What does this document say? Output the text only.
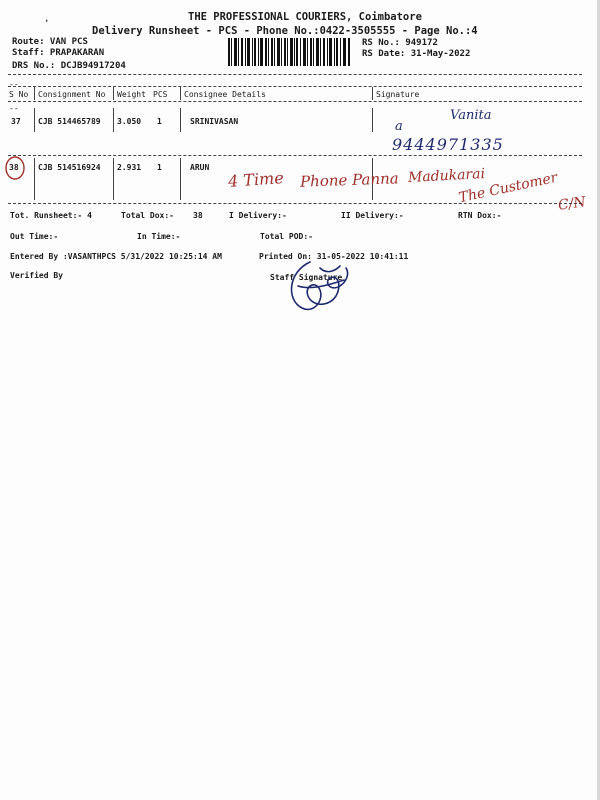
THE PROFESSIONAL COURIERS, Coimbatore
Delivery Runsheet - PCS - Phone No.:0422-3505555 - Page No.:4
'
Route: VAN PCS
Staff: PRAPAKARAN
DRS No.: DCJB94917204
RS No.: 949172
RS Date: 31-May-2022
--
S No Consignment No Weight PCS Consignee Details	Signature
--
37 CJB 514465789 3.050 1	SRINIVASAN	a
Vanita
9444971335
38 CJB 514516924 2.931 1	ARUN
4 Time Phone Panna Madukarai
The Customer
C/N
Tot. Runsheet:- 4	Total Dox:- 38	I Delivery:-	II Delivery:-	RTN Dox:-
Out Time:-	In Time:-	Total POD:-
Entered By :VASANTHPCS 5/31/2022 10:25:14 AM	Printed On: 31-05-2022 10:41:11
Verified By	Staff Signature
